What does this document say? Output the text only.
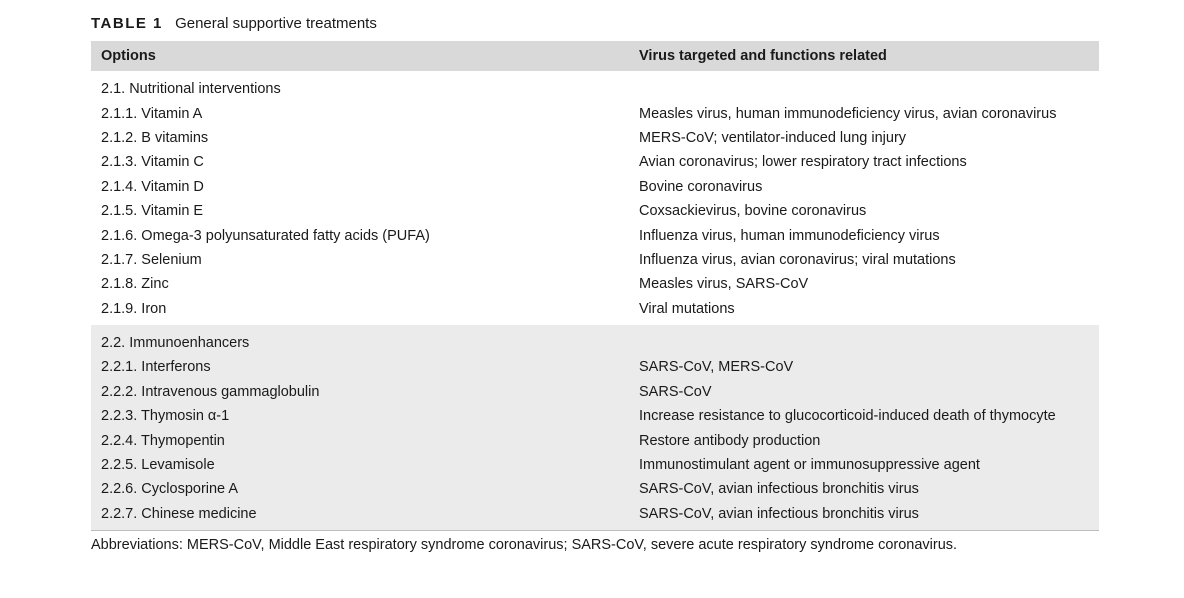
TABLE 1 General supportive treatments
Options	Virus targeted and functions related
2.1. Nutritional interventions
2.1.1. Vitamin A	Measles virus, human immunodeficiency virus, avian coronavirus
2.1.2. B vitamins	MERS-CoV; ventilator-induced lung injury
2.1.3. Vitamin C	Avian coronavirus; lower respiratory tract infections
2.1.4. Vitamin D	Bovine coronavirus
2.1.5. Vitamin E	Coxsackievirus, bovine coronavirus
2.1.6. Omega-3 polyunsaturated fatty acids (PUFA)	Influenza virus, human immunodeficiency virus
2.1.7. Selenium	Influenza virus, avian coronavirus; viral mutations
2.1.8. Zinc	Measles virus, SARS-CoV
2.1.9. Iron	Viral mutations
2.2. Immunoenhancers
2.2.1. Interferons	SARS-CoV, MERS-CoV
2.2.2. Intravenous gammaglobulin	SARS-CoV
2.2.3. Thymosin α-1	Increase resistance to glucocorticoid-induced death of thymocyte
2.2.4. Thymopentin	Restore antibody production
2.2.5. Levamisole	Immunostimulant agent or immunosuppressive agent
2.2.6. Cyclosporine A	SARS-CoV, avian infectious bronchitis virus
2.2.7. Chinese medicine	SARS-CoV, avian infectious bronchitis virus
Abbreviations: MERS-CoV, Middle East respiratory syndrome coronavirus; SARS-CoV, severe acute respiratory syndrome coronavirus.
